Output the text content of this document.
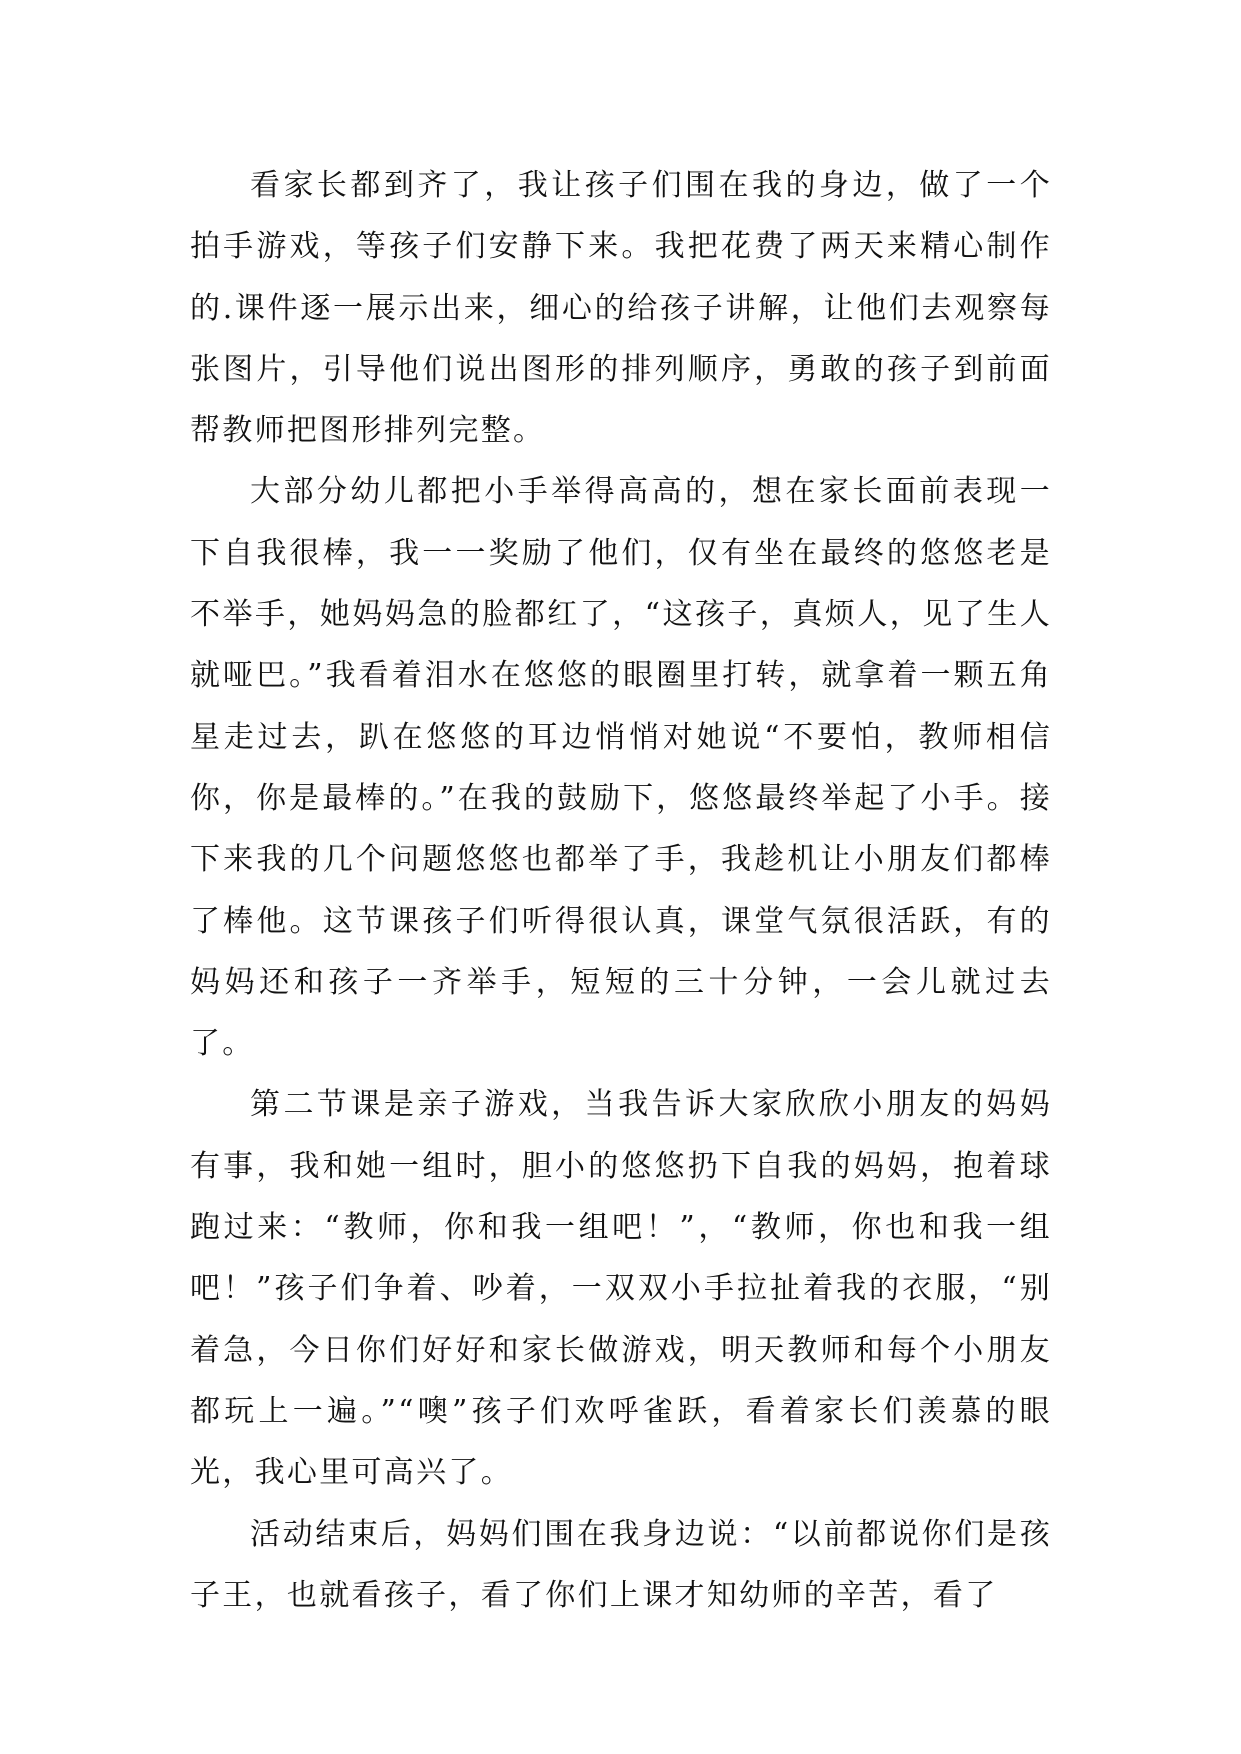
看家长都到齐了，我让孩子们围在我的身边，做了一个拍手游戏，等孩子们安静下来。我把花费了两天来精心制作的.课件逐一展示出来，细心的给孩子讲解，让他们去观察每张图片，引导他们说出图形的排列顺序，勇敢的孩子到前面帮教师把图形排列完整。

大部分幼儿都把小手举得高高的，想在家长面前表现一下自我很棒，我一一奖励了他们，仅有坐在最终的悠悠老是不举手，她妈妈急的脸都红了，“这孩子，真烦人，见了生人就哑巴。”我看着泪水在悠悠的眼圈里打转，就拿着一颗五角星走过去，趴在悠悠的耳边悄悄对她说“不要怕，教师相信你，你是最棒的。”在我的鼓励下，悠悠最终举起了小手。接下来我的几个问题悠悠也都举了手，我趁机让小朋友们都棒了棒他。这节课孩子们听得很认真，课堂气氛很活跃，有的妈妈还和孩子一齐举手，短短的三十分钟，一会儿就过去了。

第二节课是亲子游戏，当我告诉大家欣欣小朋友的妈妈有事，我和她一组时，胆小的悠悠扔下自我的妈妈，抱着球跑过来：“教师，你和我一组吧！”，“教师，你也和我一组吧！”孩子们争着、吵着，一双双小手拉扯着我的衣服，“别着急，今日你们好好和家长做游戏，明天教师和每个小朋友都玩上一遍。”“噢”孩子们欢呼雀跃，看着家长们羡慕的眼光，我心里可高兴了。

活动结束后，妈妈们围在我身边说：“以前都说你们是孩子王，也就看孩子，看了你们上课才知幼师的辛苦，看了
